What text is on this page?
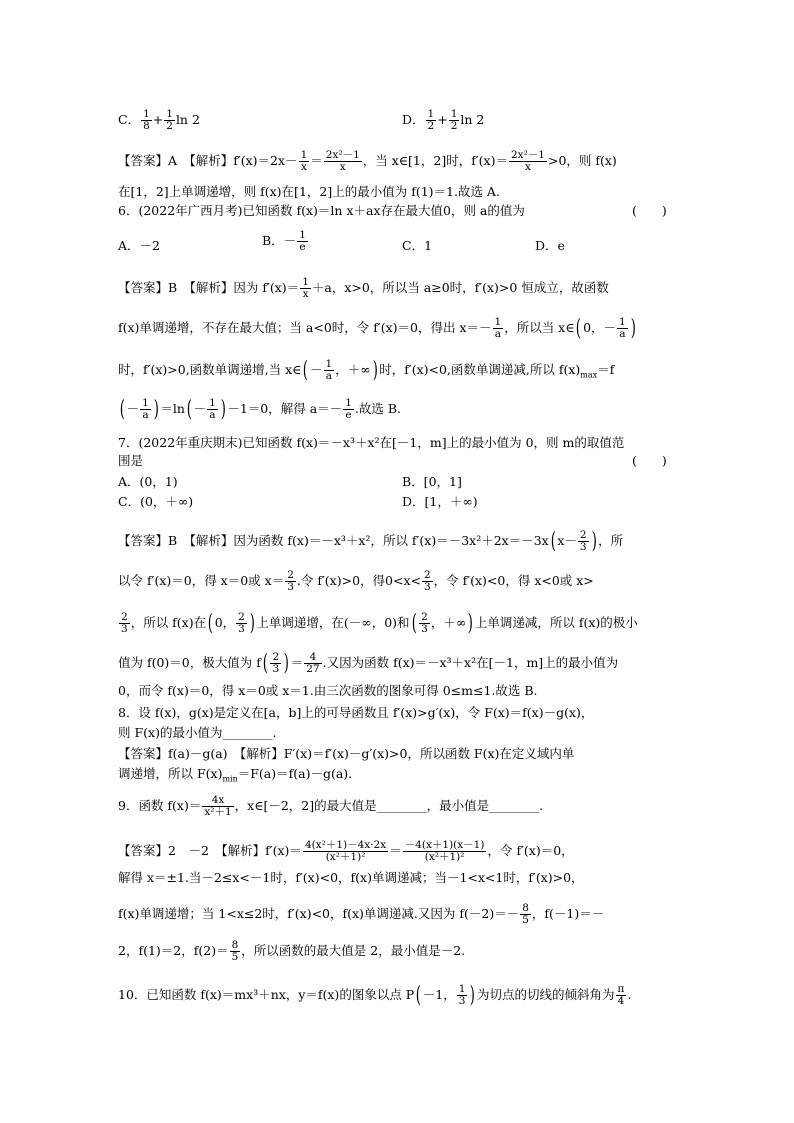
C． $\frac{1}{8} + \frac{1}{2}$ ln 2	D． $\frac{1}{2} + \frac{1}{2}$ ln 2
【答案】A　【解析】$f'(x)=2x- \frac{1}{x} = \frac{\text{2x²－1}}{x}$ ，当 x∈[1，2]时，$f'(x)= \frac{\text{2x²－1}}{x} >0$，则 f(x)
在[1，2]上单调递增，则 f(x)在[1，2]上的最小值为 f(1)＝1.故选 A.
6．(2022年广西月考)已知函数 f(x)＝ln x＋ax存在最大值0，则 a的值为	(　　)
A．－2	B．－ $\frac{1}{e}$	C．1	D．e
【答案】B　【解析】因为 $f'(x)= \frac{1}{x} +a$，x>0，所以当 a≥0时，f′(x)>0 恒成立，故函数
f(x)单调递增，不存在最大值；当 a<0时，令 f′(x)＝0，得出 $x=- \frac{1}{a}$ ，所以当 x∈( 0，－ $\frac{1}{a}$ )
时，f′(x)>0,函数单调递增,当 x∈( － $\frac{1}{a}$ ，＋∞) 时，f′(x)<0,函数单调递减,所以 $f(x)_{max}=f$
( － $\frac{1}{a}$ ) $=\ln( - \frac{1}{a}$ ) －1＝0，解得 $a=- \frac{1}{e}$ .故选 B.
7．(2022年重庆期末)已知函数 f(x)＝－x³＋x²在[－1，m]上的最小值为 0，则 m的取值范
围是	(　　)
A．(0，1)	B．[0，1]
C．(0，＋∞)	D．[1，＋∞)
【答案】B　【解析】因为函数 f(x)＝－x³＋x²，所以 f′(x)＝－3x²＋2x＝－3x( $x- \frac{2}{3}$ ) ，所
以令 f′(x)＝0，得 x＝0或 $x= \frac{2}{3}$ .令 f′(x)>0，得$0<x< \frac{2}{3}$ ，令 f′(x)<0，得 x<0或 x>
$\frac{2}{3}$ ，所以 f(x)在( 0， $\frac{2}{3}$ ) 上单调递增，在(－∞，0)和( $\frac{2}{3}$ ，＋∞) 上单调递减，所以 f(x)的极小
值为 f(0)＝0，极大值为 $f( \frac{2}{3}$ ) ＝ $\frac{4}{27}$ .又因为函数 f(x)＝－x³＋x²在[－1，m]上的最小值为
0，而令 f(x)＝0，得 x＝0或 x＝1.由三次函数的图象可得 0≤m≤1.故选 B.
8．设 f(x)，g(x)是定义在[a，b]上的可导函数且 f′(x)>g′(x)，令 F(x)＝f(x)－g(x)，
则 F(x)的最小值为________.
【答案】f(a)－g(a)　【解析】F′(x)＝f′(x)－g′(x)>0，所以函数 F(x)在定义域内单
调递增，所以 $F(x)_{min}=F(a)=f(a)-g(a)$.
9．函数 $f(x)= \frac{4x}{\text{x²＋1}}$ ，x∈[－2，2]的最大值是________，最小值是________.
【答案】2　－2　【解析】$f'(x)= \frac{\text{4(x²＋1)－4x·2x}}{\text{(x²＋1)²}} = \frac{-4(x+1)(x-1)}{\text{(x²＋1)²}}$ ，令 f′(x)＝0，
解得 x＝±1.当－2≤x<－1时，f′(x)<0，f(x)单调递减；当－1<x<1时，f′(x)>0，
f(x)单调递增；当 1<x≤2时，f′(x)<0，f(x)单调递减.又因为 $f(-2)=- \frac{8}{5}$ ，f(－1)＝－
2，f(1)＝2，$f(2)= \frac{8}{5}$ ，所以函数的最大值是 2，最小值是－2.
10．已知函数 f(x)＝mx³＋nx，y＝f(x)的图象以点 P( －1， $\frac{1}{3}$ ) 为切点的切线的倾斜角为 $\frac{\pi}{4}$ .
